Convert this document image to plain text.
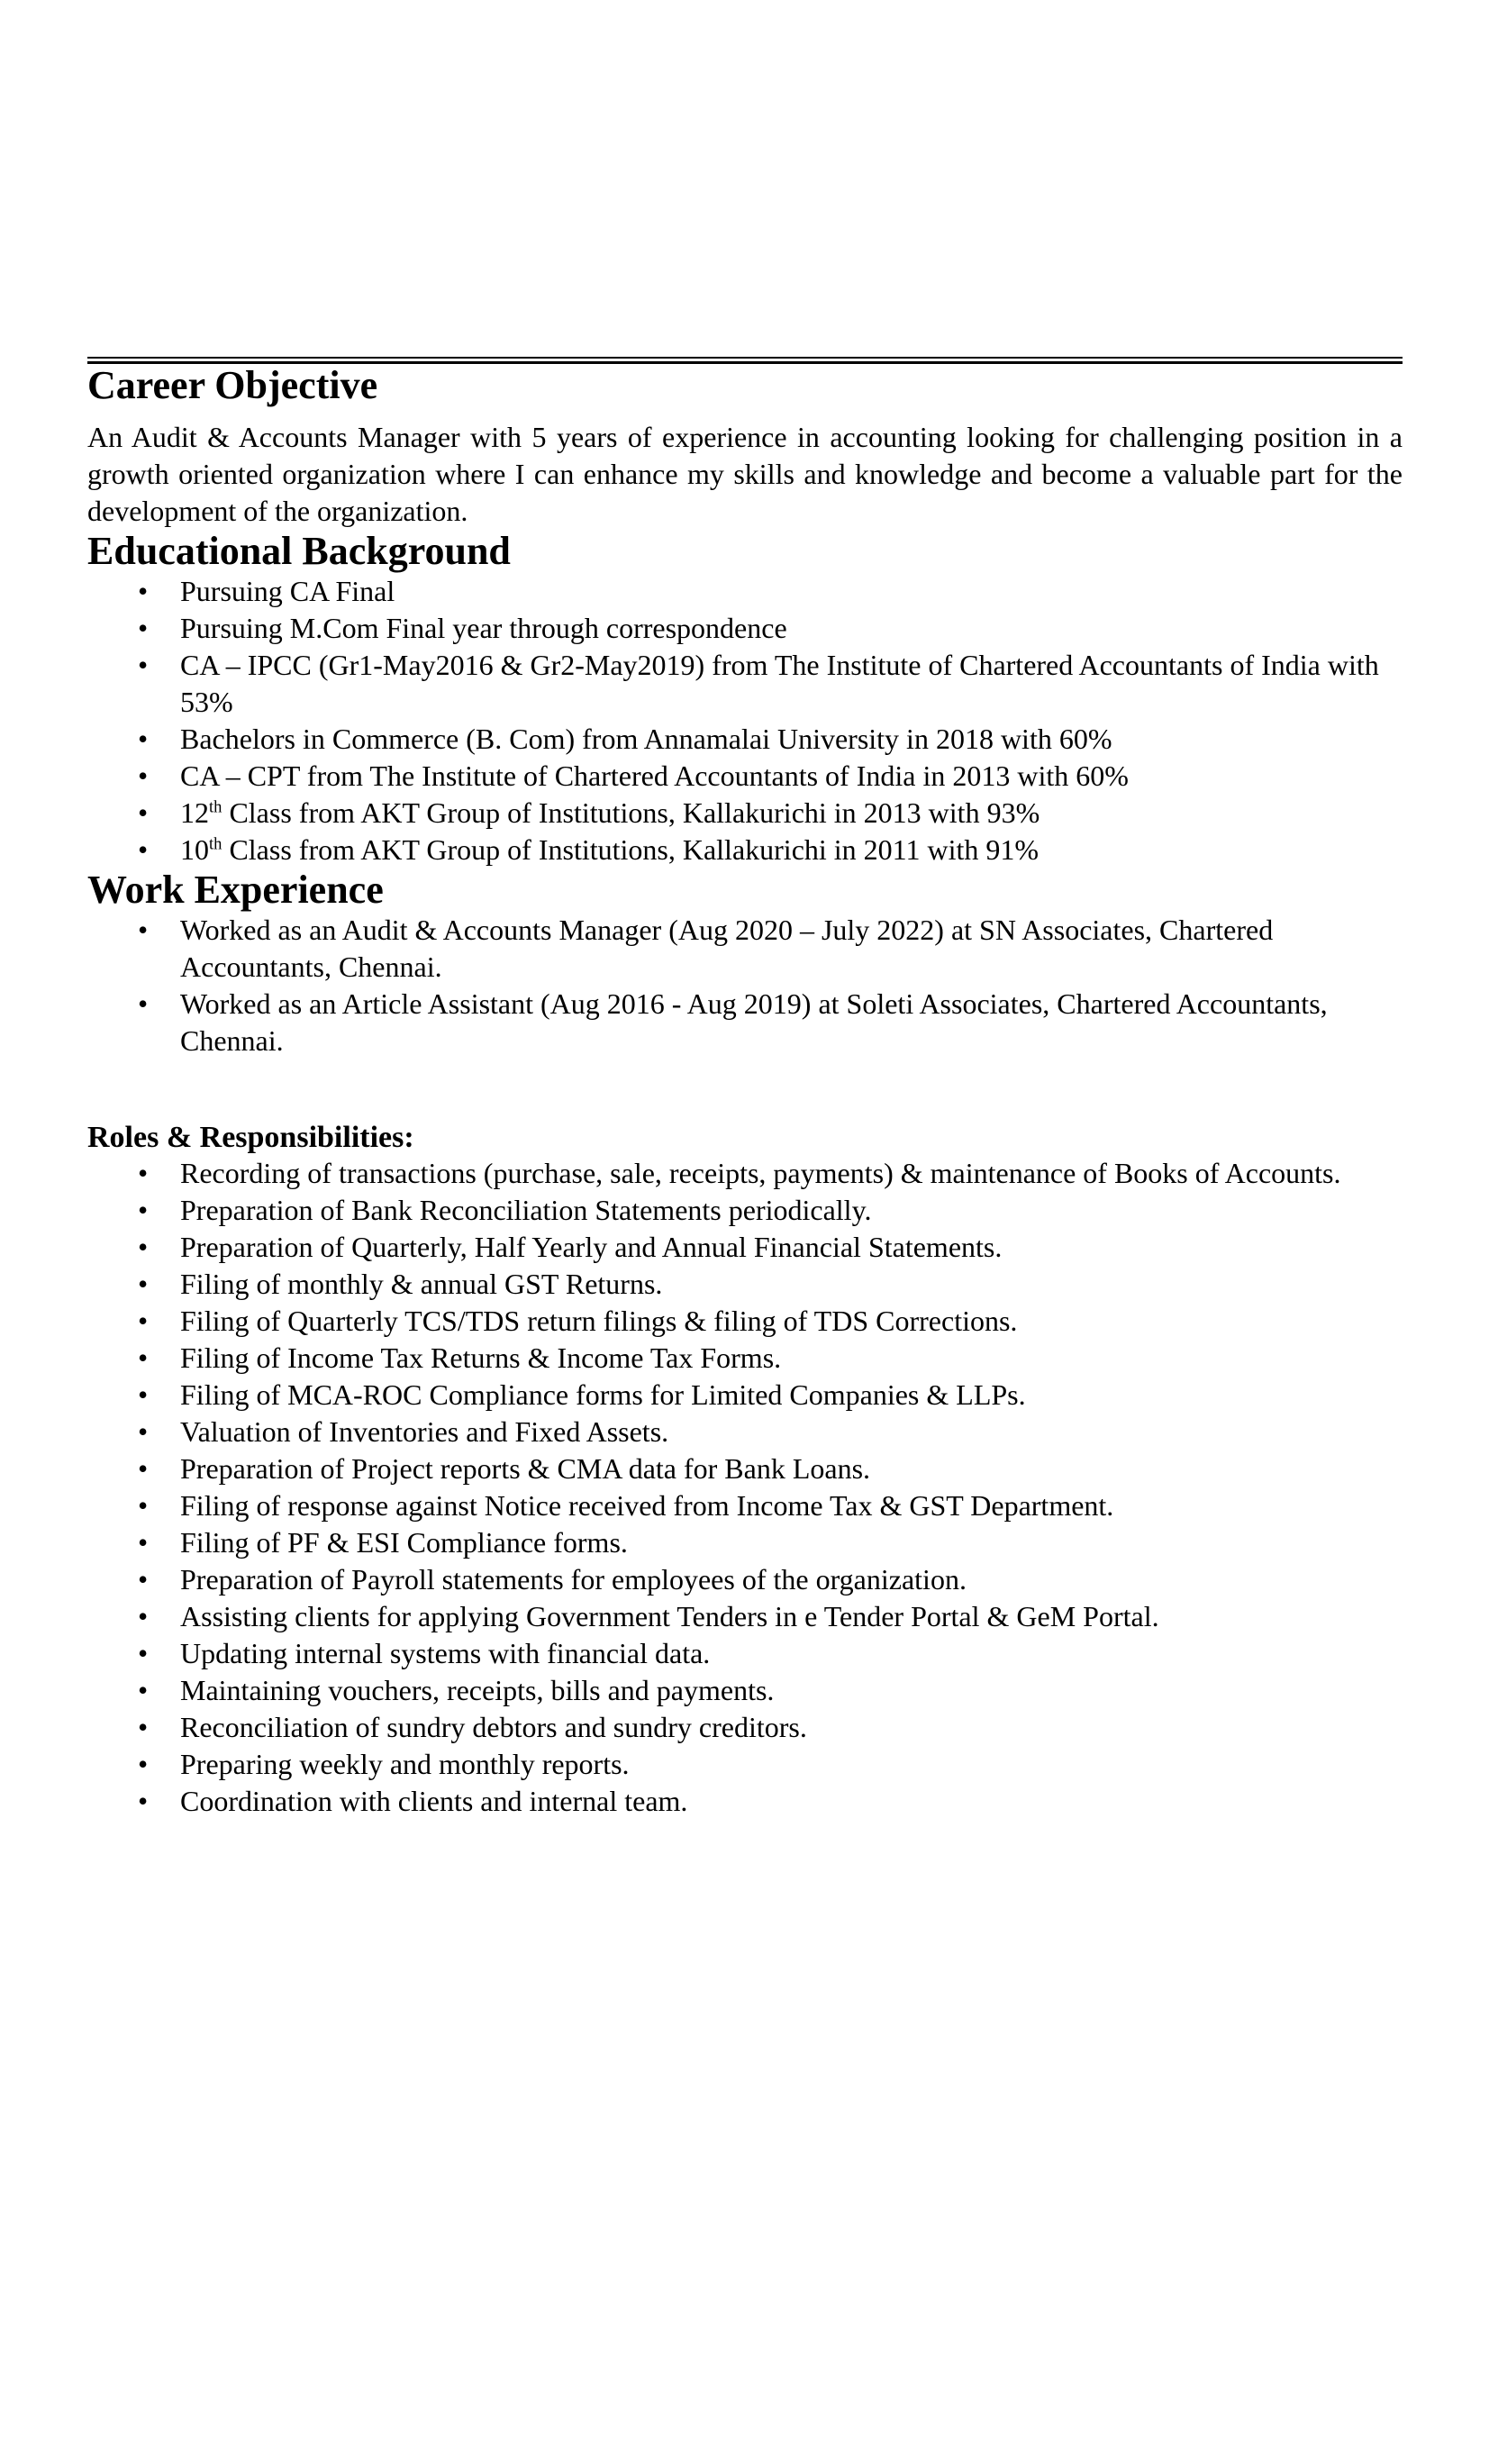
Career Objective

An Audit & Accounts Manager with 5 years of experience in accounting looking for challenging position in a growth oriented organization where I can enhance my skills and knowledge and become a valuable part for the development of the organization.

Educational Background
• Pursuing CA Final
• Pursuing M.Com Final year through correspondence
• CA – IPCC (Gr1-May2016 & Gr2-May2019) from The Institute of Chartered Accountants of India with 53%
• Bachelors in Commerce (B. Com) from Annamalai University in 2018 with 60%
• CA – CPT from The Institute of Chartered Accountants of India in 2013 with 60%
• 12th Class from AKT Group of Institutions, Kallakurichi in 2013 with 93%
• 10th Class from AKT Group of Institutions, Kallakurichi in 2011 with 91%
Work Experience
• Worked as an Audit & Accounts Manager (Aug 2020 – July 2022) at SN Associates, Chartered Accountants, Chennai.
• Worked as an Article Assistant (Aug 2016 - Aug 2019) at Soleti Associates, Chartered Accountants, Chennai.
Roles & Responsibilities:
• Recording of transactions (purchase, sale, receipts, payments) & maintenance of Books of Accounts.
• Preparation of Bank Reconciliation Statements periodically.
• Preparation of Quarterly, Half Yearly and Annual Financial Statements.
• Filing of monthly & annual GST Returns.
• Filing of Quarterly TCS/TDS return filings & filing of TDS Corrections.
• Filing of Income Tax Returns & Income Tax Forms.
• Filing of MCA-ROC Compliance forms for Limited Companies & LLPs.
• Valuation of Inventories and Fixed Assets.
• Preparation of Project reports & CMA data for Bank Loans.
• Filing of response against Notice received from Income Tax & GST Department.
• Filing of PF & ESI Compliance forms.
• Preparation of Payroll statements for employees of the organization.
• Assisting clients for applying Government Tenders in e Tender Portal & GeM Portal.
• Updating internal systems with financial data.
• Maintaining vouchers, receipts, bills and payments.
• Reconciliation of sundry debtors and sundry creditors.
• Preparing weekly and monthly reports.
• Coordination with clients and internal team.
